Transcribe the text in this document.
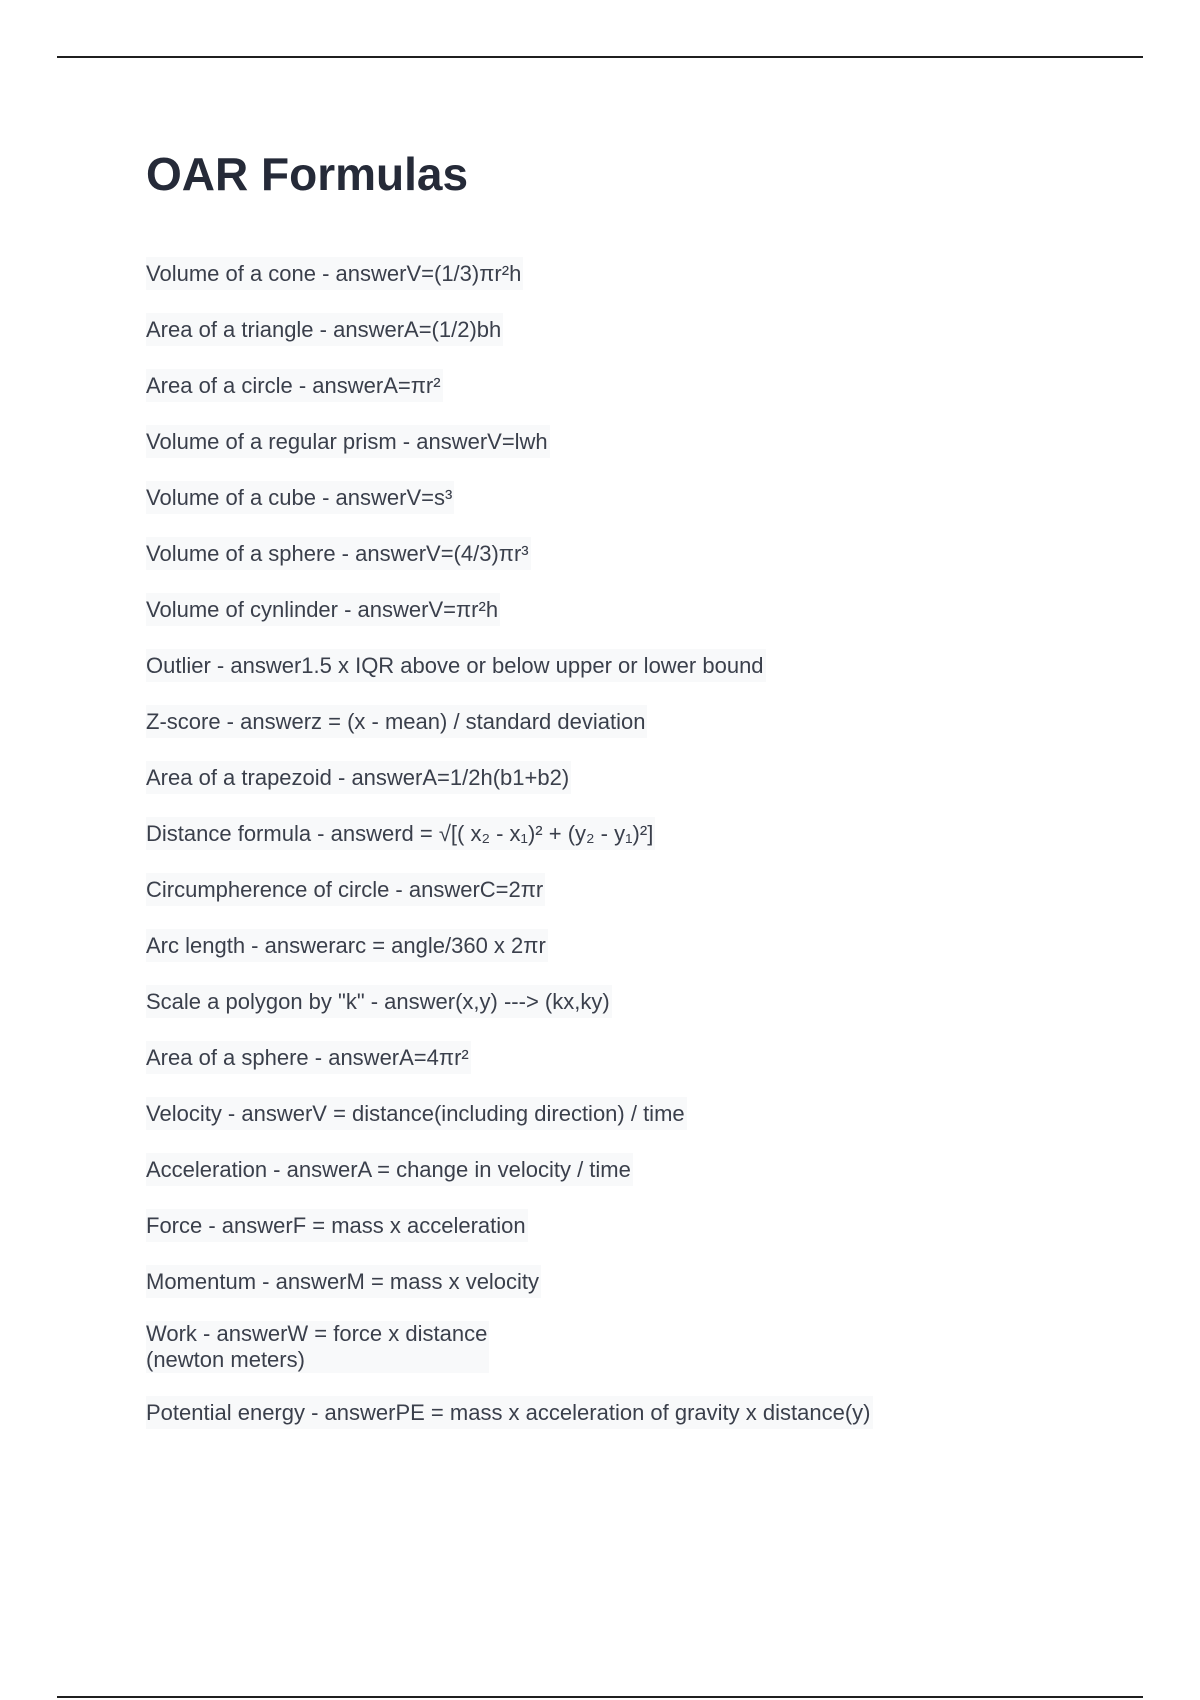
OAR Formulas
Volume of a cone - answerV=(1/3)πr²h
Area of a triangle - answerA=(1/2)bh
Area of a circle - answerA=πr²
Volume of a regular prism - answerV=lwh
Volume of a cube - answerV=s³
Volume of a sphere - answerV=(4/3)πr³
Volume of cynlinder - answerV=πr²h
Outlier - answer1.5 x IQR above or below upper or lower bound
Z-score - answerz = (x - mean) / standard deviation
Area of a trapezoid - answerA=1/2h(b1+b2)
Distance formula - answerd = √[( x₂ - x₁)² + (y₂ - y₁)²]
Circumpherence of circle - answerC=2πr
Arc length - answerarc = angle/360 x 2πr
Scale a polygon by "k" - answer(x,y) ---> (kx,ky)
Area of a sphere - answerA=4πr²
Velocity - answerV = distance(including direction) / time
Acceleration - answerA = change in velocity / time
Force - answerF = mass x acceleration
Momentum - answerM = mass x velocity
Work - answerW = force x distance
(newton meters)
Potential energy - answerPE = mass x acceleration of gravity x distance(y)
